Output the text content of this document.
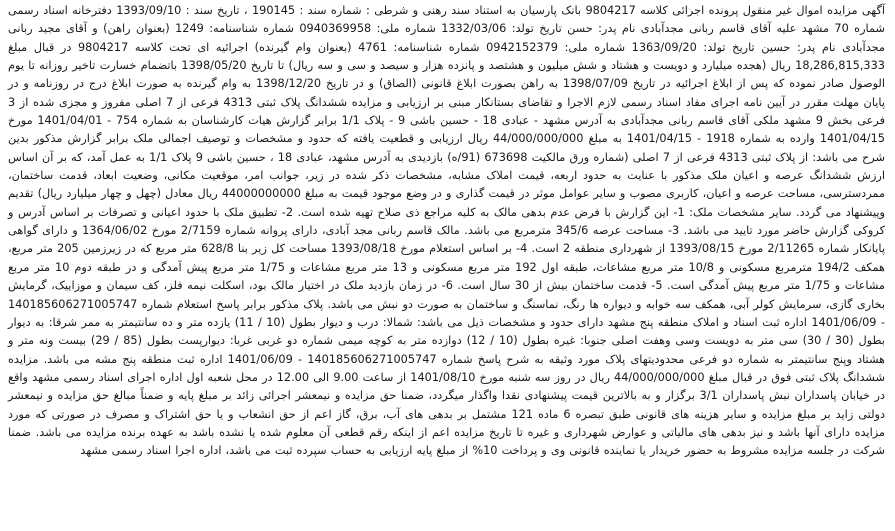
آگهی مزایده اموال غیر منقول پرونده اجرائی کلاسه 9804217 بانک پارسیان به استناد سند رهنی و شرطی : شماره سند : 190145 ، تاریخ سند : 1393/09/10 دفترخانه اسناد رسمی شماره 70 مشهد علیه آقای قاسم ربانی مجدآبادی نام پدر: حسن تاریخ تولد: 1332/03/06 شماره ملی: 0940369958 شماره شناسنامه: 1249 (بعنوان راهن) و آقای مجید ربانی مجدآبادی نام پدر: حسین تاریخ تولد: 1363/09/20 شماره ملی: 0942152379 شماره شناسنامه: 4761 (بعنوان وام گیرنده) اجرائیه ای تحت کلاسه 9804217 در قبال مبلغ 18,286,815,333 ریال (هجده میلیارد و دویست و هشتاد و شش میلیون و هشتصد و پانزده هزار و سیصد و سی و سه ریال) تا تاریخ 1398/05/20 باتضمام خسارت تاخیر روزانه تا یوم الوصول صادر نموده که پس از ابلاغ اجرائیه در تاریخ 1398/07/09 به راهن بصورت ابلاغ قانونی (الصاق) و در تاریخ 1398/12/20 به وام گیرنده به صورت ابلاغ درج در روزنامه و در پایان مهلت مقرر در آیین نامه اجرای مفاد اسناد رسمی لازم الاجرا و تقاضای بستانکار مبنی بر ارزیابی و مزایده ششدانگ پلاک ثبتی 4313 فرعی از 7 اصلی مفروز و مجزی شده از 3 فرعی بخش 9 مشهد ملکی آقای قاسم ربانی مجدآبادی به آدرس مشهد - عبادی 18 - حسین باشی 9 - پلاک 1/1 برابر گزارش هیات کارشناسان به شماره 754 - 1401/04/01 مورخ 1401/04/15 وارده به شماره 1918 - 1401/04/15 به مبلغ 44/000/000/000 ریال ارزیابی و قطعیت یافته که حدود و مشخصات و توصیف اجمالی ملک برابر گزارش مذکور بدین شرح می باشد: از پلاک ثبتی 4313 فرعی از 7 اصلی (شماره ورق مالکیت 673698 (91/ه) بازدیدی به آدرس مشهد، عبادی 18 ، حسین باشی 9 پلاک 1/1 به عمل آمد، که بر آن اساس ارزش ششدانگ عرصه و اعیان ملک مذکور با عنایت به حدود اربعه، قیمت املاک مشابه، مشخصات ذکر شده در زیر، جوانب امر، موقعیت مکانی، وضعیت ابعاد، قدمت ساختمان، ممردسترسی، مساحت عرصه و اعیان، کاربری مصوب و سایر عوامل موثر در قیمت گذاری و در وضع موجود قیمت به مبلغ 44000000000 ریال معادل (چهل و چهار میلیارد ریال) تقدیم وپیشنهاد می گردد. سایر مشخصات ملک: 1- این گزارش با فرض عدم بدهی مالک به کلیه مراجع ذی صلاح تهیه شده است. 2- تطبیق ملک با حدود اعیانی و تصرفات بر اساس آدرس و کروکی گزارش حاضر مورد تایید می باشد. 3- مساحت عرصه 345/6 مترمربع می باشد. مالک قاسم ربانی مجد آبادی، دارای پروانه شماره 2/7159 مورخ 1364/06/02 و دارای گواهی پایانکار شماره 2/11265 مورخ 1393/08/15 از شهرداری منطقه 2 است. 4- بر اساس استعلام مورخ 1393/08/18 مساحت کل زیر بنا 628/8 متر مربع که در زیرزمین 205 متر مربع، همکف 194/2 مترمربع مسکونی و 10/8 متر مربع مشاعات، طبقه اول 192 متر مربع مسکونی و 13 متر مربع مشاعات و 1/75 متر مربع پیش آمدگی و در طبقه دوم 10 متر مربع مشاعات و 1/75 متر مربع پیش آمدگی است. 5- قدمت ساختمان بیش از 30 سال است. 6- در زمان بازدید ملک در اختیار مالک بود، اسکلت نیمه فلز، کف سیمان و موزاییک، گرمایش بخاری گازی، سرمایش کولر آبی، همکف سه خوابه و دیواره ها رنگ، نماسنگ و ساختمان به صورت دو نبش می باشد. پلاک مذکور برابر پاسخ استعلام شماره 140185606271005747 - 1401/06/09 اداره ثبت اسناد و املاک منطقه پنج مشهد دارای حدود و مشخصات ذیل می باشد: شمالا: درب و دیوار بطول (10 / 11) یازده متر و ده سانتیمتر به ممر شرقا: به دیوار بطول (30 / 30) سی متر به دویست وسی وهفت اصلی جنوبا: غیره بطول (10 / 12) دوازده متر به کوچه میمی شماره دو غربی غربا: دیوارپست بطول (85 / 29) بیست ونه متر و هشتاد وپنج سانتیمتر به شماره دو فرعی محدودیتهای پلاک مورد وثیقه به شرح پاسخ شماره 140185606271005747 - 1401/06/09 اداره ثبت منطقه پنج مشه می باشد. مزایده ششدانگ پلاک ثبتی فوق در قبال مبلغ 44/000/000/000 ریال در روز سه شنبه مورخ 1401/08/10 از ساعت 9.00 الی 12.00 در محل شعبه اول اداره اجرای اسناد رسمی مشهد واقع در خیابان پاسداران نبش پاسداران 3/1 برگزار و به بالاترین قیمت پیشنهادی نقدا واگذار میگردد، ضمنا حق مزایده و نیمعشر اجرائی زائد بر مبلغ پایه و ضمناً مبالغ حق مزایده و نیمعشر دولتی زاید بر مبلغ مزایده و سایر هزینه های قانونی طبق تبصره 6 ماده 121 مشتمل بر بدهی های آب، برق، گاز اعم از حق انشعاب و یا حق اشتراک و مصرف در صورتی که مورد مزایده دارای آنها باشد و نیز بدهی های مالیاتی و عوارض شهرداری و غیره تا تاریخ مزایده اعم از اینکه رقم قطعی آن معلوم شده یا نشده باشد به عهده برنده مزایده می باشد. ضمنا شرکت در جلسه مزایده مشروط به حضور خریدار یا نماینده قانونی وی و پرداخت 10% از مبلغ پایه ارزیابی به حساب سپرده ثبت می باشد، اداره اجرا اسناد رسمی مشهد
